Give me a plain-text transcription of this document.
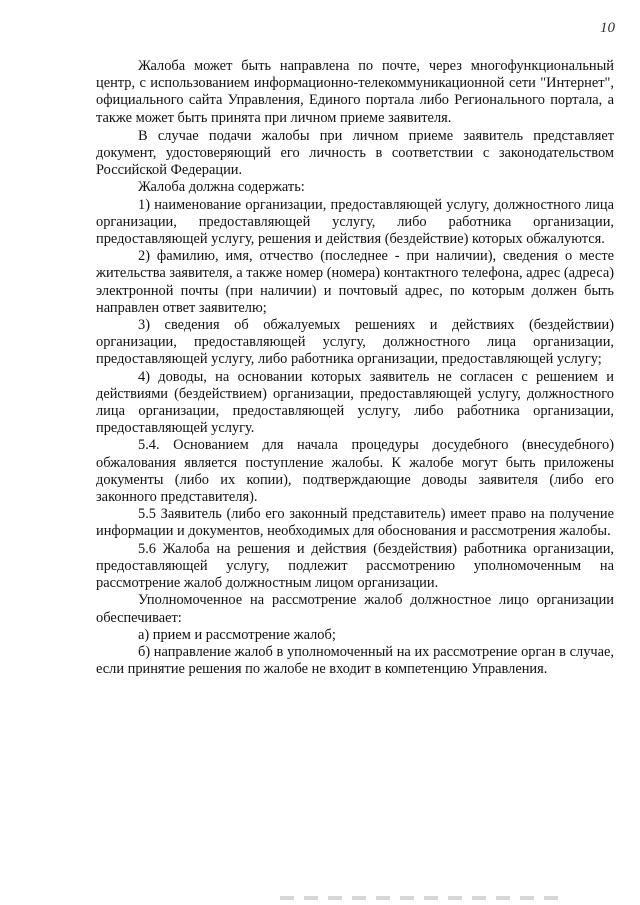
10

Жалоба может быть направлена по почте, через многофункциональный центр, с использованием информационно-телекоммуникационной сети "Интернет", официального сайта Управления, Единого портала либо Регионального портала, а также может быть принята при личном приеме заявителя.

В случае подачи жалобы при личном приеме заявитель представляет документ, удостоверяющий его личность в соответствии с законодательством Российской Федерации.

Жалоба должна содержать:

1) наименование организации, предоставляющей услугу, должностного лица организации, предоставляющей услугу, либо работника организации, предоставляющей услугу, решения и действия (бездействие) которых обжалуются.

2) фамилию, имя, отчество (последнее - при наличии), сведения о месте жительства заявителя, а также номер (номера) контактного телефона, адрес (адреса) электронной почты (при наличии) и почтовый адрес, по которым должен быть направлен ответ заявителю;

3) сведения об обжалуемых решениях и действиях (бездействии) организации, предоставляющей услугу, должностного лица организации, предоставляющей услугу, либо работника организации, предоставляющей услугу;

4) доводы, на основании которых заявитель не согласен с решением и действиями (бездействием) организации, предоставляющей услугу, должностного лица организации, предоставляющей услугу, либо работника организации, предоставляющей услугу.

5.4. Основанием для начала процедуры досудебного (внесудебного) обжалования является поступление жалобы. К жалобе могут быть приложены документы (либо их копии), подтверждающие доводы заявителя (либо его законного представителя).

5.5 Заявитель (либо его законный представитель) имеет право на получение информации и документов, необходимых для обоснования и рассмотрения жалобы.

5.6 Жалоба на решения и действия (бездействия) работника организации, предоставляющей услугу, подлежит рассмотрению уполномоченным на рассмотрение жалоб должностным лицом организации.

Уполномоченное на рассмотрение жалоб должностное лицо организации обеспечивает:

а) прием и рассмотрение жалоб;

б) направление жалоб в уполномоченный на их рассмотрение орган в случае, если принятие решения по жалобе не входит в компетенцию Управления.
